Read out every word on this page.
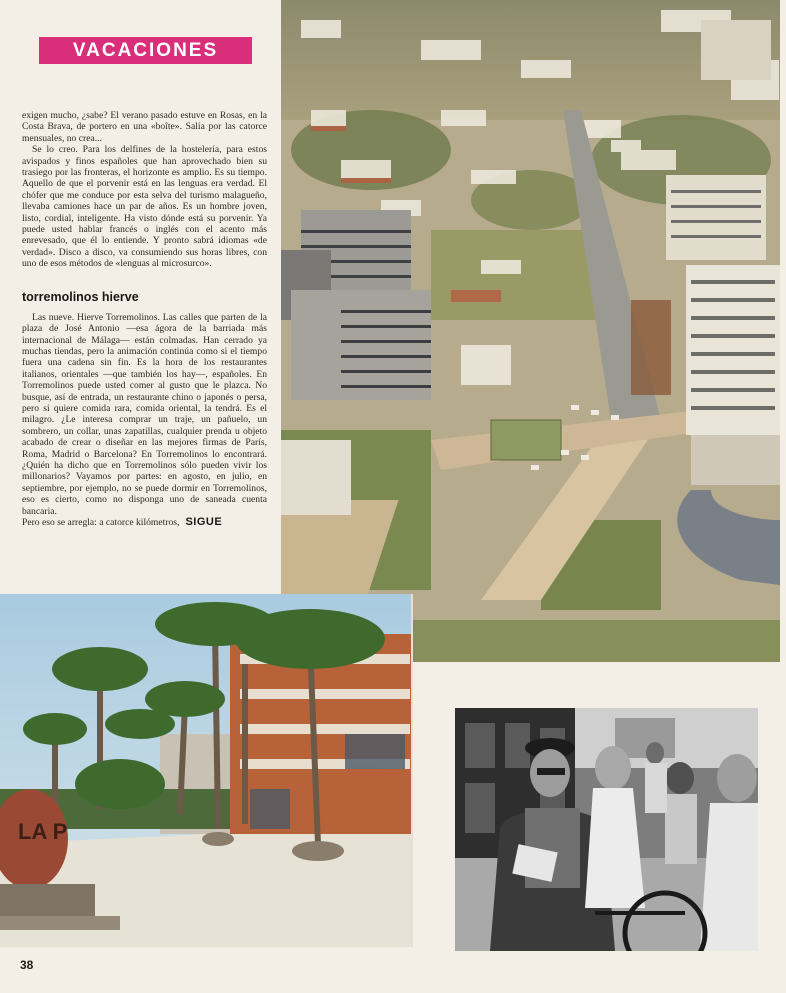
VACACIONES

exigen mucho, ¿sabe? El verano pasado estuve en Rosas, en la Costa Brava, de portero en una «boîte». Salía por las catorce mensuales, no crea...

Se lo creo. Para los delfines de la hostelería, para estos avispados y finos españoles que han aprovechado bien su trasiego por las fronteras, el horizonte es amplio. Es su tiempo. Aquello de que el porvenir está en las lenguas era verdad. El chófer que me conduce por esta selva del turismo malagueño, llevaba camiones hace un par de años. Es un hombre joven, listo, cordial, inteligente. Ha visto dónde está su porvenir. Ya puede usted hablar francés o inglés con el acento más enrevesado, que él lo entiende. Y pronto sabrá idiomas «de verdad». Disco a disco, va consumiendo sus horas libres, con uno de esos métodos de «lenguas al microsurco».

torremolinos hierve

Las nueve. Hierve Torremolinos. Las calles que parten de la plaza de José Antonio —esa ágora de la barriada más internacional de Málaga— están colmadas. Han cerrado ya muchas tiendas, pero la animación continúa como si el tiempo fuera una cadena sin fin. Es la hora de los restaurantes italianos, orientales —que también los hay—, españoles. En Torremolinos puede usted comer al gusto que le plazca. No busque, así de entrada, un restaurante chino o japonés o persa, pero si quiere comida rara, comida oriental, la tendrá. Es el milagro. ¿Le interesa comprar un traje, un pañuelo, un sombrero, un collar, unas zapatillas, cualquier prenda u objeto acabado de crear o diseñar en las mejores firmas de París, Roma, Madrid o Barcelona? En Torremolinos lo encontrará. ¿Quién ha dicho que en Torremolinos sólo pueden vivir los millonarios? Vayamos por partes: en agosto, en julio, en septiembre, por ejemplo, no se puede dormir en Torremolinos, eso es cierto, como no disponga uno de saneada cuenta bancaria.

Pero eso se arregla: a catorce kilómetros, SIGUE

LA P
38
